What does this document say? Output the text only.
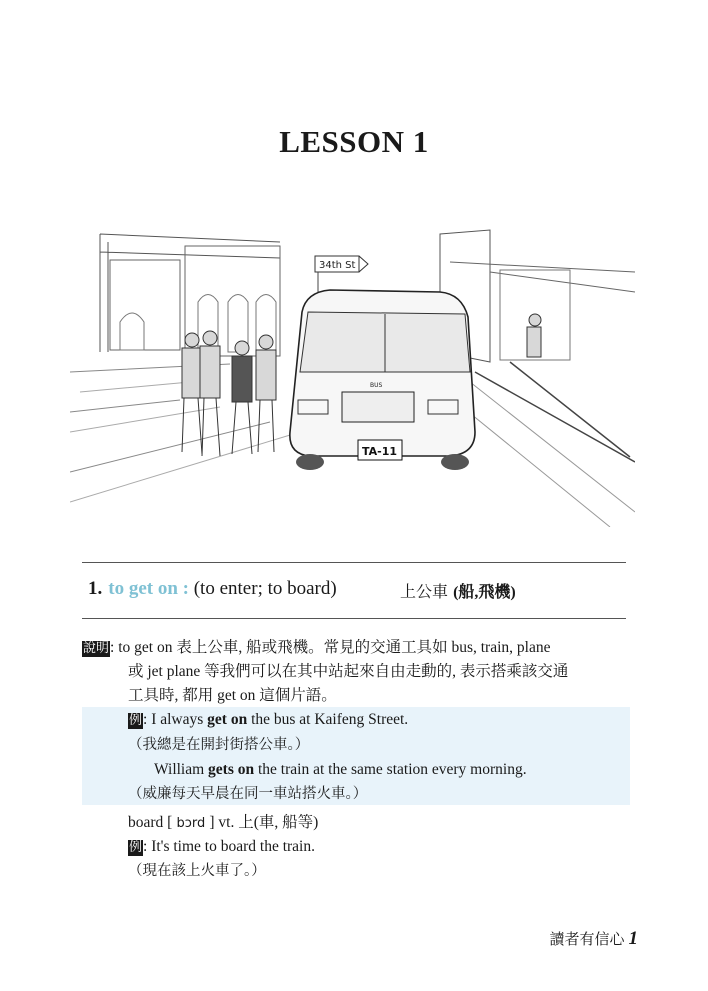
LESSON 1
34th St
BUS
TA-11
1. to get on : (to enter; to board)	上公車 (船,飛機)
說明: to get on 表上公車, 船或飛機。常見的交通工具如 bus, train, plane
或 jet plane 等我們可以在其中站起來自由走動的, 表示搭乘該交通
工具時, 都用 get on 這個片語。
例: I always get on the bus at Kaifeng Street.
（我總是在開封街搭公車。）
William gets on the train at the same station every morning.
（威廉每天早晨在同一車站搭火車。）
board [ bɔrd ] vt. 上(車, 船等)
例: It's time to board the train.
（現在該上火車了。）
讀者有信心 1
